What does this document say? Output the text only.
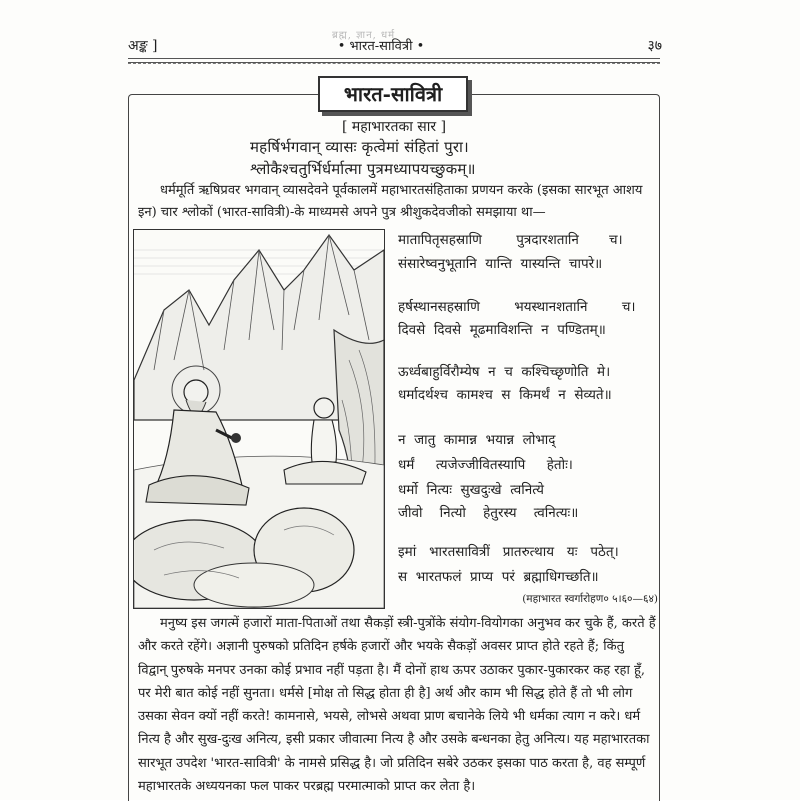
ब्रह्म, ज्ञान, धर्म
अङ्क ]	• भारत-सावित्री •	३७
भारत-सावित्री
[ महाभारतका सार ]
महर्षिर्भगवान् व्यासः कृत्वेमां संहितां पुरा।
श्लोकैश्चतुर्भिर्धर्मात्मा पुत्रमध्यापयच्छुकम्॥
धर्ममूर्ति ऋषिप्रवर भगवान् व्यासदेवने पूर्वकालमें महाभारतसंहिताका प्रणयन करके (इसका सारभूत आशय इन) चार श्लोकों (भारत-सावित्री)-के माध्यमसे अपने पुत्र श्रीशुकदेवजीको समझाया था—
मातापितृसहस्राणि        पुत्रदारशतानि       च।
संसारेष्वनुभूतानि  यान्ति  यास्यन्ति  चापरे॥
हर्षस्थानसहस्राणि        भयस्थानशतानि        च।
दिवसे  दिवसे  मूढमाविशन्ति  न  पण्डितम्॥
ऊर्ध्वबाहुर्विरौम्येष  न  च  कश्चिच्छृणोति  मे।
धर्मादर्थश्च  कामश्च  स  किमर्थं  न  सेव्यते॥
न  जातु  कामान्न  भयान्न  लोभाद्
धर्मं     त्यजेज्जीवितस्यापि     हेतोः।
धर्मो  नित्यः  सुखदुःखे  त्वनित्ये
जीवो    नित्यो    हेतुरस्य    त्वनित्यः॥
इमां   भारतसावित्रीं   प्रातरुत्थाय   यः   पठेत्।
स  भारतफलं  प्राप्य  परं  ब्रह्माधिगच्छति॥
(महाभारत स्वर्गारोहण० ५।६०—६४)
मनुष्य इस जगत्में हजारों माता-पिताओं तथा सैकड़ों स्त्री-पुत्रोंके संयोग-वियोगका अनुभव कर चुके हैं, करते हैं और करते रहेंगे। अज्ञानी पुरुषको प्रतिदिन हर्षके हजारों और भयके सैकड़ों अवसर प्राप्त होते रहते हैं; किंतु विद्वान् पुरुषके मनपर उनका कोई प्रभाव नहीं पड़ता है। मैं दोनों हाथ ऊपर उठाकर पुकार-पुकारकर कह रहा हूँ, पर मेरी बात कोई नहीं सुनता। धर्मसे [मोक्ष तो सिद्ध होता ही है] अर्थ और काम भी सिद्ध होते हैं तो भी लोग उसका सेवन क्यों नहीं करते! कामनासे, भयसे, लोभसे अथवा प्राण बचानेके लिये भी धर्मका त्याग न करे। धर्म नित्य है और सुख-दुःख अनित्य, इसी प्रकार जीवात्मा नित्य है और उसके बन्धनका हेतु अनित्य। यह महाभारतका सारभूत उपदेश 'भारत-सावित्री' के नामसे प्रसिद्ध है। जो प्रतिदिन सबेरे उठकर इसका पाठ करता है, वह सम्पूर्ण महाभारतके अध्ययनका फल पाकर परब्रह्म परमात्माको प्राप्त कर लेता है।
